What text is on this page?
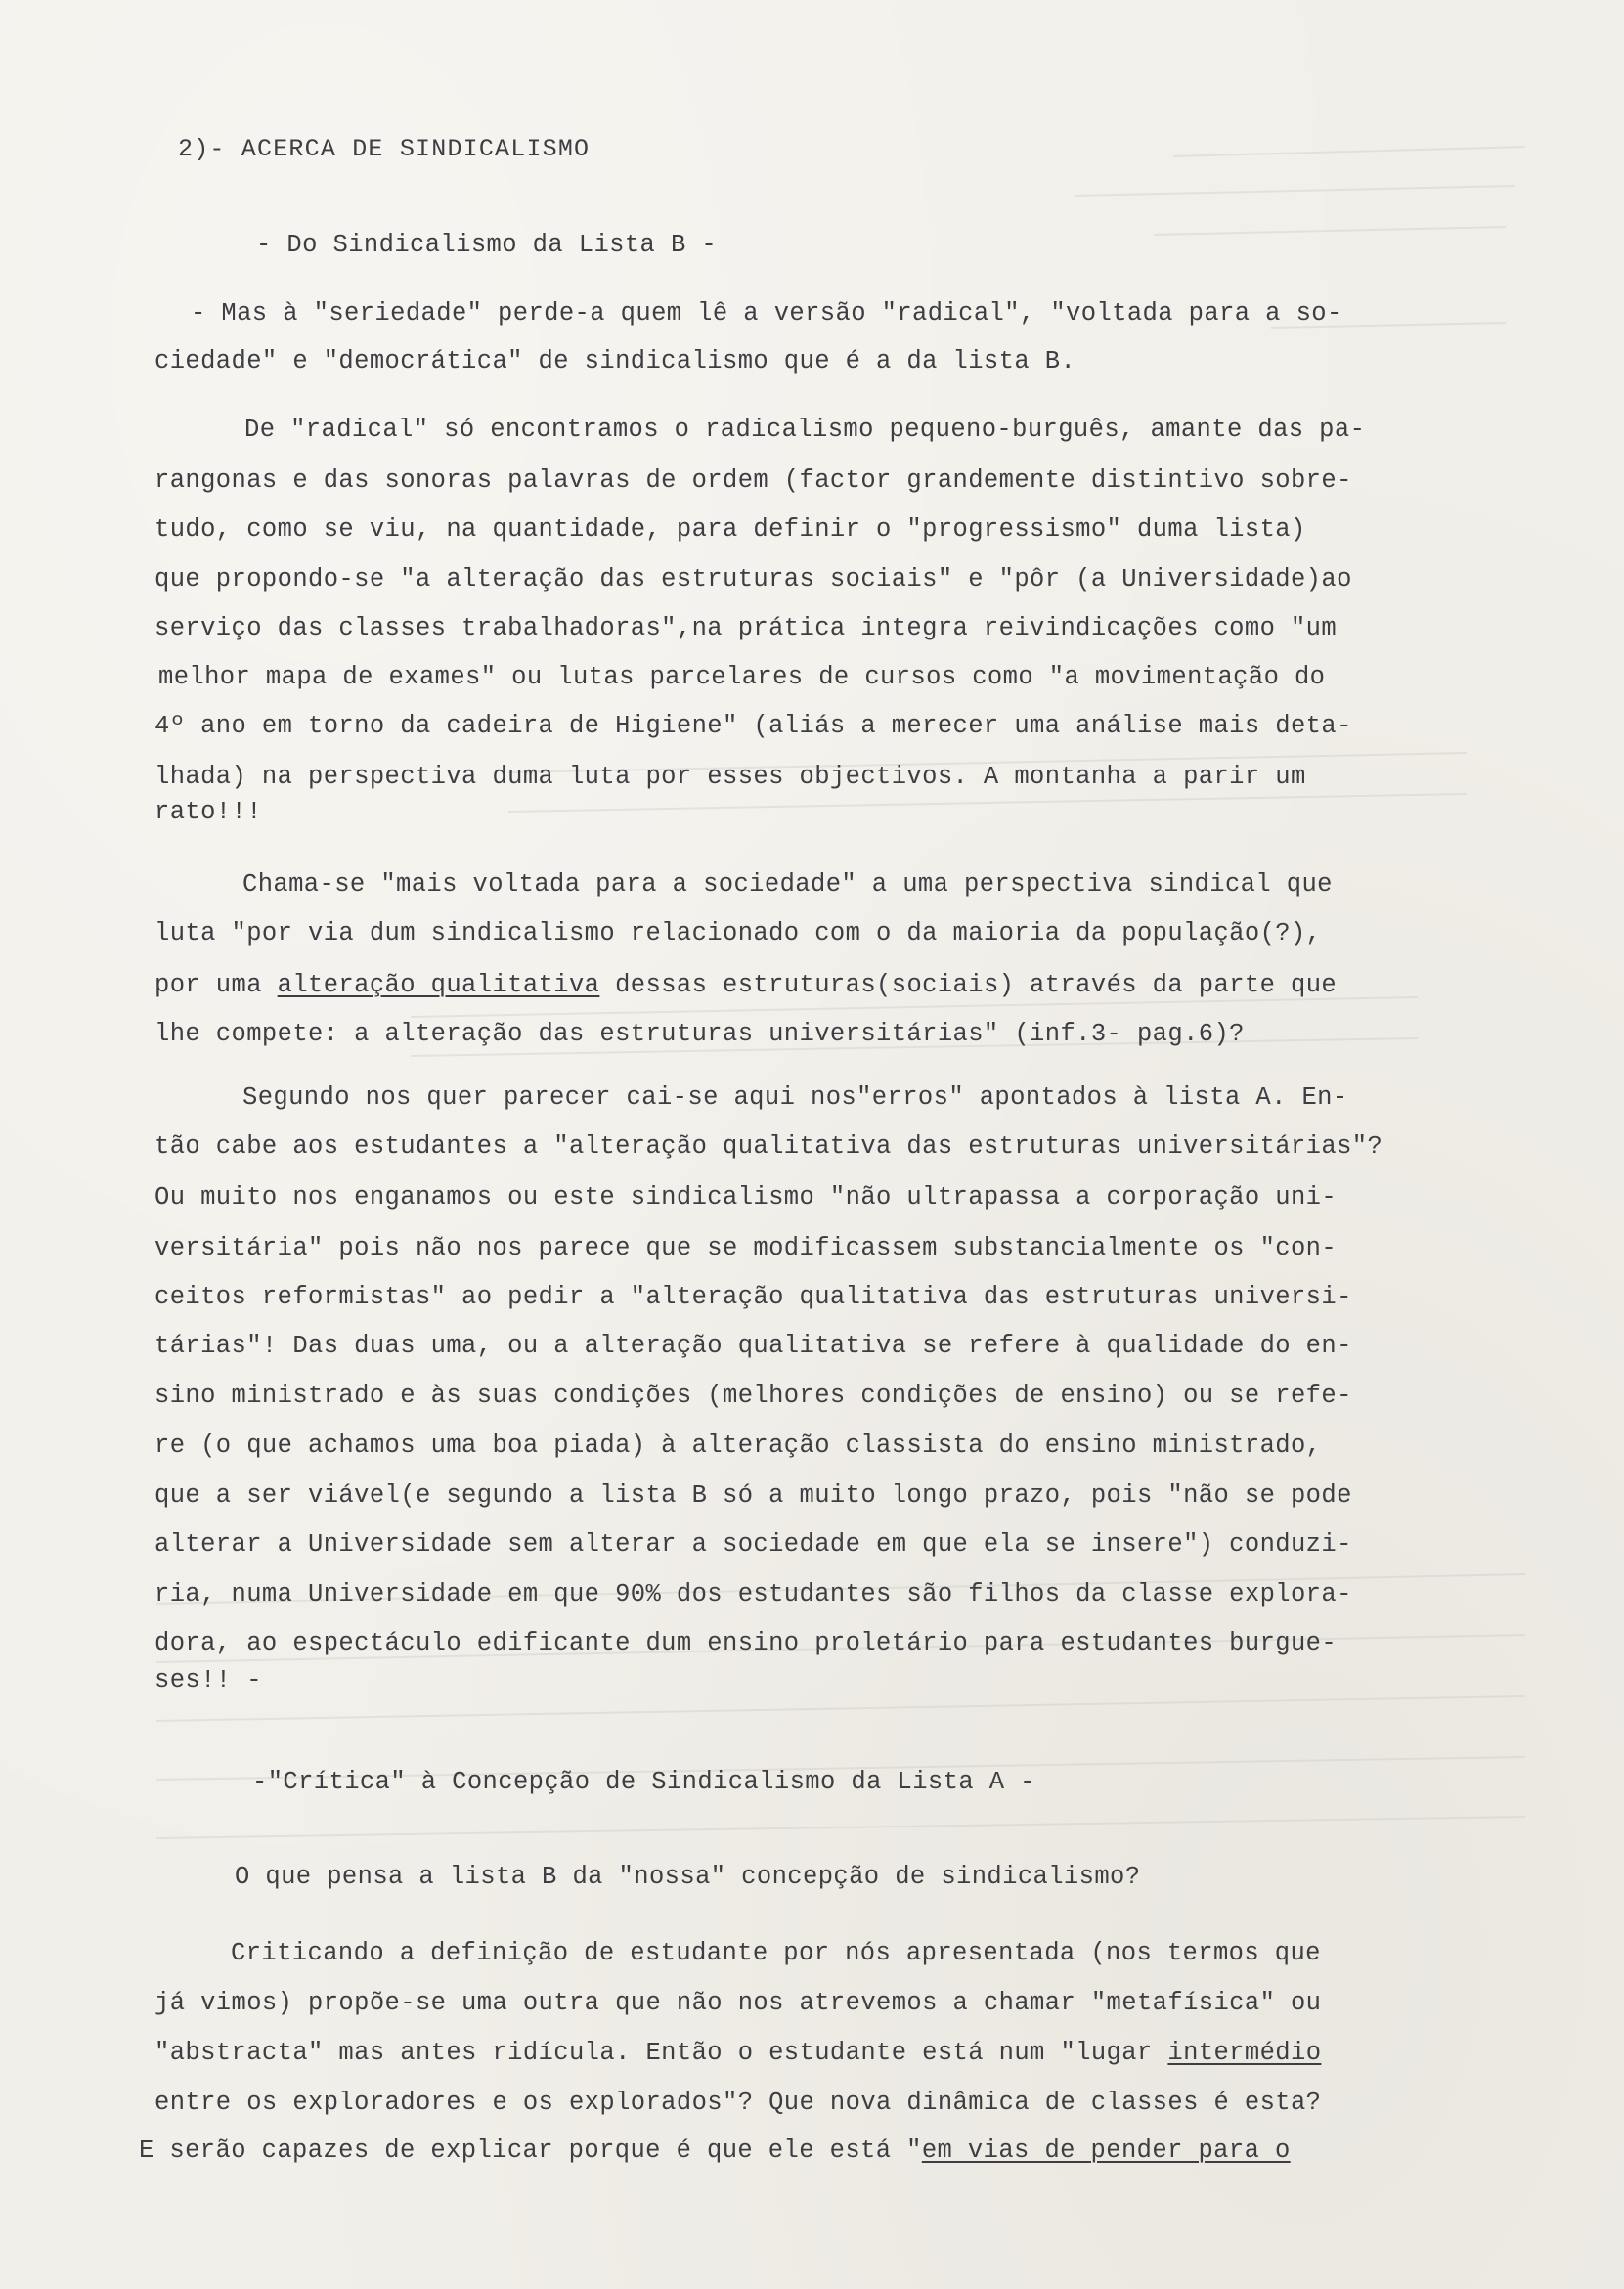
2)- ACERCA DE SINDICALISMO
- Do Sindicalismo da Lista B -
- Mas à "seriedade" perde-a quem lê a versão "radical", "voltada para a so-
ciedade" e "democrática" de sindicalismo que é a da lista B.
De "radical" só encontramos o radicalismo pequeno-burguês, amante das pa-
rangonas e das sonoras palavras de ordem (factor grandemente distintivo sobre-
tudo, como se viu, na quantidade, para definir o "progressismo" duma lista)
que propondo-se "a alteração das estruturas sociais" e "pôr (a Universidade)ao
serviço das classes trabalhadoras",na prática integra reivindicações como "um
melhor mapa de exames" ou lutas parcelares de cursos como "a movimentação do
4º ano em torno da cadeira de Higiene" (aliás a merecer uma análise mais deta-
lhada) na perspectiva duma luta por esses objectivos. A montanha a parir um
rato!!!
Chama-se "mais voltada para a sociedade" a uma perspectiva sindical que
luta "por via dum sindicalismo relacionado com o da maioria da população(?),
por uma alteração qualitativa dessas estruturas(sociais) através da parte que
lhe compete: a alteração das estruturas universitárias" (inf.3- pag.6)?
Segundo nos quer parecer cai-se aqui nos"erros" apontados à lista A. En-
tão cabe aos estudantes a "alteração qualitativa das estruturas universitárias"?
Ou muito nos enganamos ou este sindicalismo "não ultrapassa a corporação uni-
versitária" pois não nos parece que se modificassem substancialmente os "con-
ceitos reformistas" ao pedir a "alteração qualitativa das estruturas universi-
tárias"! Das duas uma, ou a alteração qualitativa se refere à qualidade do en-
sino ministrado e às suas condições (melhores condições de ensino) ou se refe-
re (o que achamos uma boa piada) à alteração classista do ensino ministrado,
que a ser viável(e segundo a lista B só a muito longo prazo, pois "não se pode
alterar a Universidade sem alterar a sociedade em que ela se insere") conduzi-
ria, numa Universidade em que 90% dos estudantes são filhos da classe explora-
dora, ao espectáculo edificante dum ensino proletário para estudantes burgue-
ses!! -
-"Crítica" à Concepção de Sindicalismo da Lista A -
O que pensa a lista B da "nossa" concepção de sindicalismo?
Criticando a definição de estudante por nós apresentada (nos termos que
já vimos) propõe-se uma outra que não nos atrevemos a chamar "metafísica" ou
"abstracta" mas antes ridícula. Então o estudante está num "lugar intermédio
entre os exploradores e os explorados"? Que nova dinâmica de classes é esta?
E serão capazes de explicar porque é que ele está "em vias de pender para o
